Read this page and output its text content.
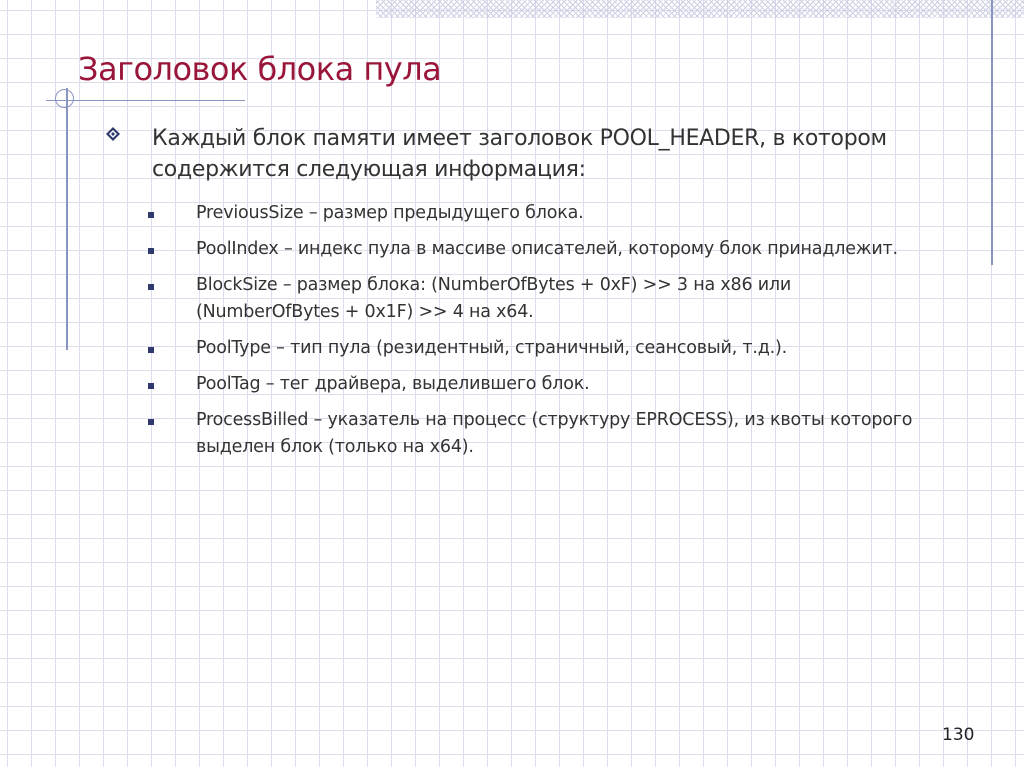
Заголовок блока пула

Каждый блок памяти имеет заголовок POOL_HEADER, в котором содержится следующая информация:

PreviousSize – размер предыдущего блока.
PoolIndex – индекс пула в массиве описателей, которому блок принадлежит.
BlockSize – размер блока: (NumberOfBytes + 0xF) >> 3 на x86 или (NumberOfBytes + 0x1F) >> 4 на x64.
PoolType – тип пула (резидентный, страничный, сеансовый, т.д.).
PoolTag – тег драйвера, выделившего блок.
ProcessBilled – указатель на процесс (структуру EPROCESS), из квоты которого выделен блок (только на x64).
130
